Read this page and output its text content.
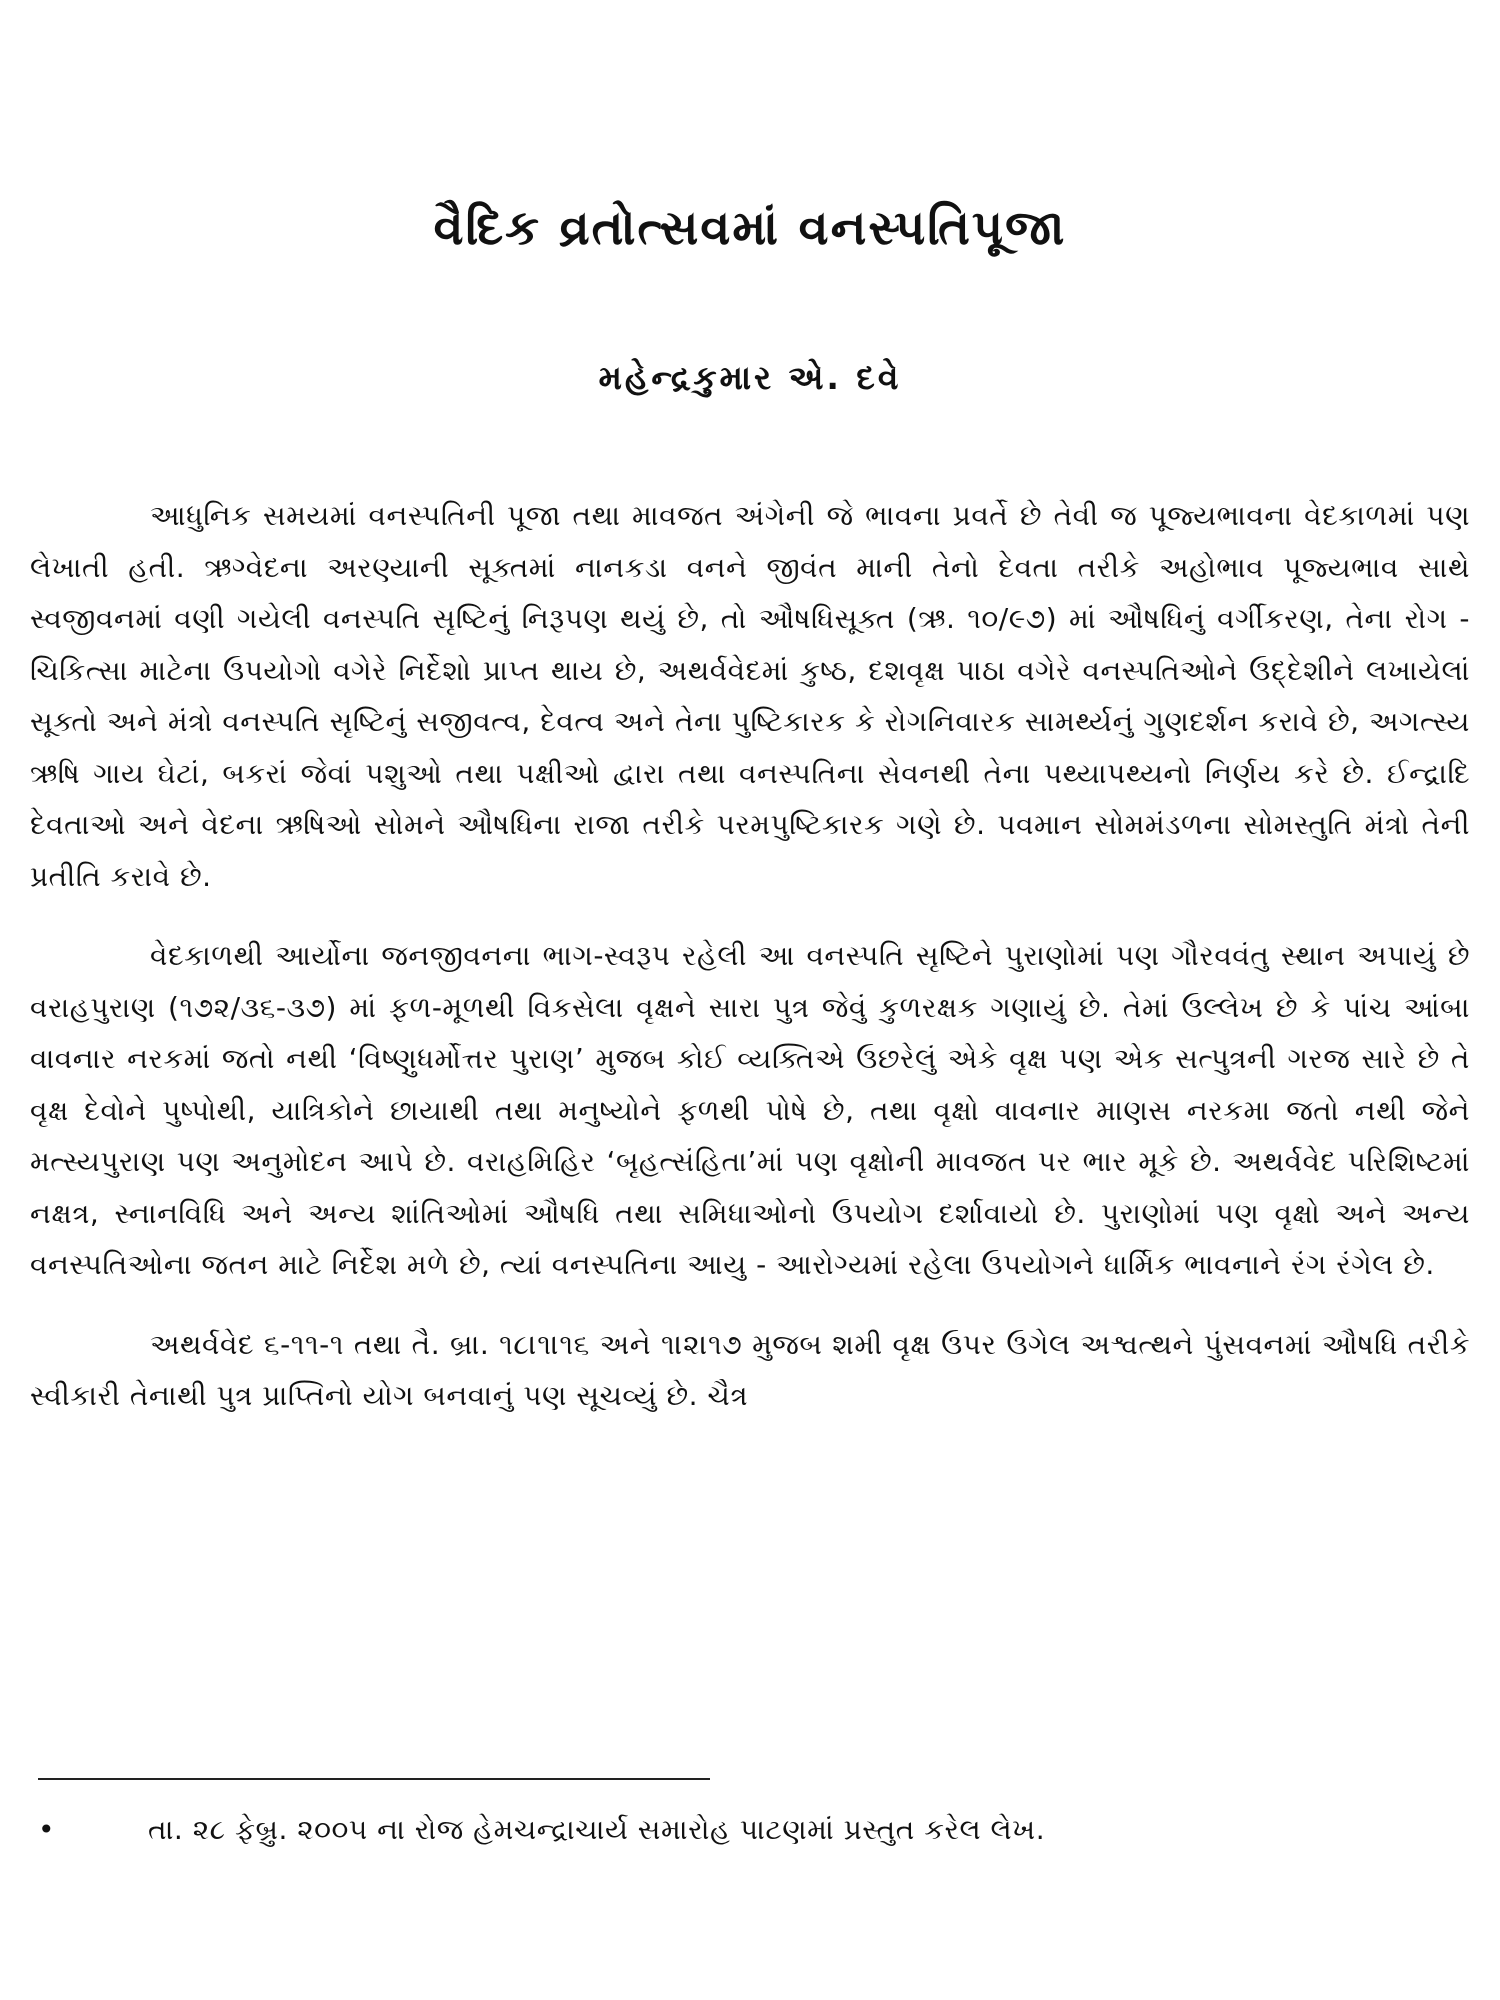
વૈદિક વ્રતોત્સવમાં વનસ્પતિપૂજા
મહેન્દ્રકુમાર એ. દવે

આધુનિક સમયમાં વનસ્પતિની પૂજા તથા માવજત અંગેની જે ભાવના પ્રવર્તે છે તેવી જ પૂજ્યભાવના વેદકાળમાં પણ લેખાતી હતી. ઋગ્વેદના અરણ્યાની સૂક્તમાં નાનકડા વનને જીવંત માની તેનો દેવતા તરીકે અહોભાવ પૂજ્યભાવ સાથે સ્વજીવનમાં વણી ગયેલી વનસ્પતિ સૃષ્ટિનું નિરૂપણ થયું છે, તો ઔષધિસૂક્ત (ઋ. ૧૦/૯૭) માં ઔષધિનું વર્ગીકરણ, તેના રોગ - ચિકિત્સા માટેના ઉપયોગો વગેરે નિર્દેશો પ્રાપ્ત થાય છે, અથર્વવેદમાં કુષ્ઠ, દશવૃક્ષ પાઠા વગેરે વનસ્પતિઓને ઉદ્દેશીને લખાયેલાં સૂક્તો અને મંત્રો વનસ્પતિ સૃષ્ટિનું સજીવત્વ, દેવત્વ અને તેના પુષ્ટિકારક કે રોગનિવારક સામર્થ્યનું ગુણદર્શન કરાવે છે, અગત્સ્ય ઋષિ ગાય ઘેટાં, બકરાં જેવાં પશુઓ તથા પક્ષીઓ દ્વારા તથા વનસ્પતિના સેવનથી તેના પથ્યાપથ્યનો નિર્ણય કરે છે. ઈન્દ્રાદિ દેવતાઓ અને વેદના ઋષિઓ સોમને ઔષધિના રાજા તરીકે પરમપુષ્ટિકારક ગણે છે. પવમાન સોમમંડળના સોમસ્તુતિ મંત્રો તેની પ્રતીતિ કરાવે છે.

વેદકાળથી આર્યોના જનજીવનના ભાગ-સ્વરૂપ રહેલી આ વનસ્પતિ સૃષ્ટિને પુરાણોમાં પણ ગૌરવવંતુ સ્થાન અપાયું છે વરાહપુરાણ (૧૭૨/૩૬-૩૭) માં ફળ-મૂળથી વિકસેલા વૃક્ષને સારા પુત્ર જેવું કુળરક્ષક ગણાયું છે. તેમાં ઉલ્લેખ છે કે પાંચ આંબા વાવનાર નરકમાં જતો નથી ‘વિષ્ણુધર્મોત્તર પુરાણ’ મુજબ કોઈ વ્યક્તિએ ઉછરેલું એકે વૃક્ષ પણ એક સત્પુત્રની ગરજ સારે છે તે વૃક્ષ દેવોને પુષ્પોથી, યાત્રિકોને છાયાથી તથા મનુષ્યોને ફળથી પોષે છે, તથા વૃક્ષો વાવનાર માણસ નરકમા જતો નથી જેને મત્સ્યપુરાણ પણ અનુમોદન આપે છે. વરાહમિહિર ‘બૃહત્સંહિતા’માં પણ વૃક્ષોની માવજત પર ભાર મૂકે છે. અથર્વવેદ પરિશિષ્ટમાં નક્ષત્ર, સ્નાનવિધિ અને અન્ય શાંતિઓમાં ઔષધિ તથા સમિધાઓનો ઉપયોગ દર્શાવાયો છે. પુરાણોમાં પણ વૃક્ષો અને અન્ય વનસ્પતિઓના જતન માટે નિર્દેશ મળે છે, ત્યાં વનસ્પતિના આયુ - આરોગ્યમાં રહેલા ઉપયોગને ધાર્મિક ભાવનાને રંગ રંગેલ છે.

અથર્વવેદ ૬-૧૧-૧ તથા તૈ. બ્રા. ૧૮।૧।૧૬ અને ૧।૨।૧૭ મુજબ શમી વૃક્ષ ઉપર ઉગેલ અશ્વત્થને પુંસવનમાં ઔષધિ તરીકે સ્વીકારી તેનાથી પુત્ર પ્રાપ્તિનો યોગ બનવાનું પણ સૂચવ્યું છે. ચૈત્ર

•	તા. ૨૮ ફેબ્રુ. ૨૦૦૫ ના રોજ હેમચન્દ્રાચાર્ય સમારોહ પાટણમાં પ્રસ્તુત કરેલ લેખ.
